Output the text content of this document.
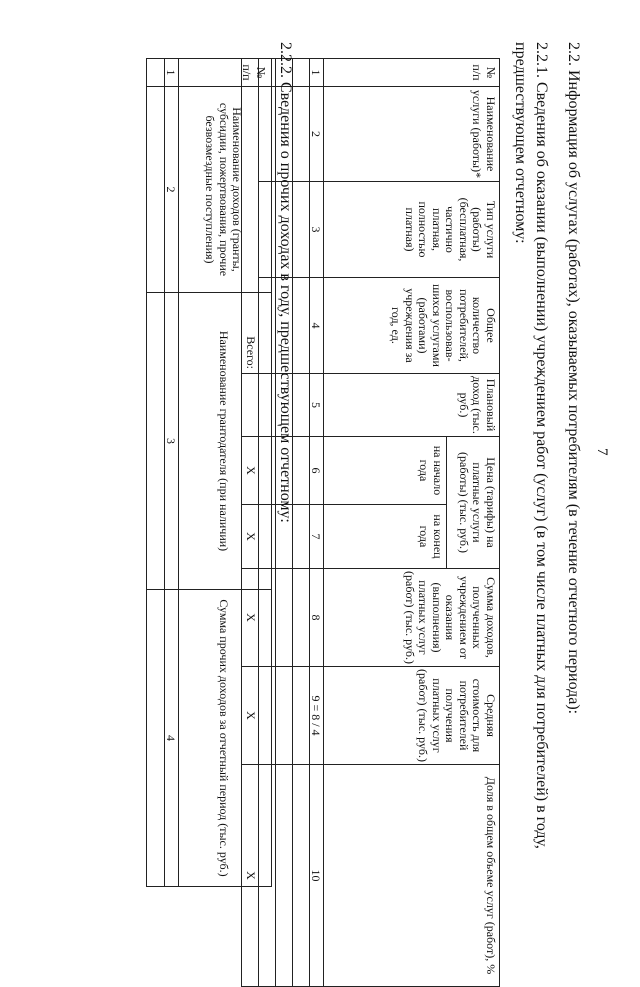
7
2.2. Информация об услугах (работах), оказываемых потребителям (в течение отчетного периода):
2.2.1. Сведения об оказании (выполнении) учреждением работ (услуг) (в том числе платных для потребителей) в году, предшествующем отчетному:
№ п/п	Наименование услуги (работы)*	Тип услуги (работы) (бесплатная, частично платная, полностью платная)	Общее количество потребителей, воспользовав-шихся услугами (работами) учреждения за год, ед.	Плановый доход (тыс. руб.)	Цена (тарифы) на платные услуги (работы) (тыс. руб.)		Сумма доходов, полученных учреждением от оказания (выполнения) платных услуг (работ) (тыс. руб.)	Средняя стоимость для потребителей получения платных услуг (работ) (тыс. руб.)	Доля в общем объеме услуг (работ), %
					на начало года	на конец года			
1	2	3	4	5	6	7	8	9 = 8 / 4	10

Всего:					Х	Х	Х	Х	Х
2.2.2. Сведения о прочих доходах в году, предшествующем отчетному:
№ п/п	Наименование доходов (гранты, субсидии, пожертвования, прочие безвозмездные поступления)	Наименование грантодателя (при наличии)	Сумма прочих доходов за отчетный период (тыс. руб.)
1	2	3	4
